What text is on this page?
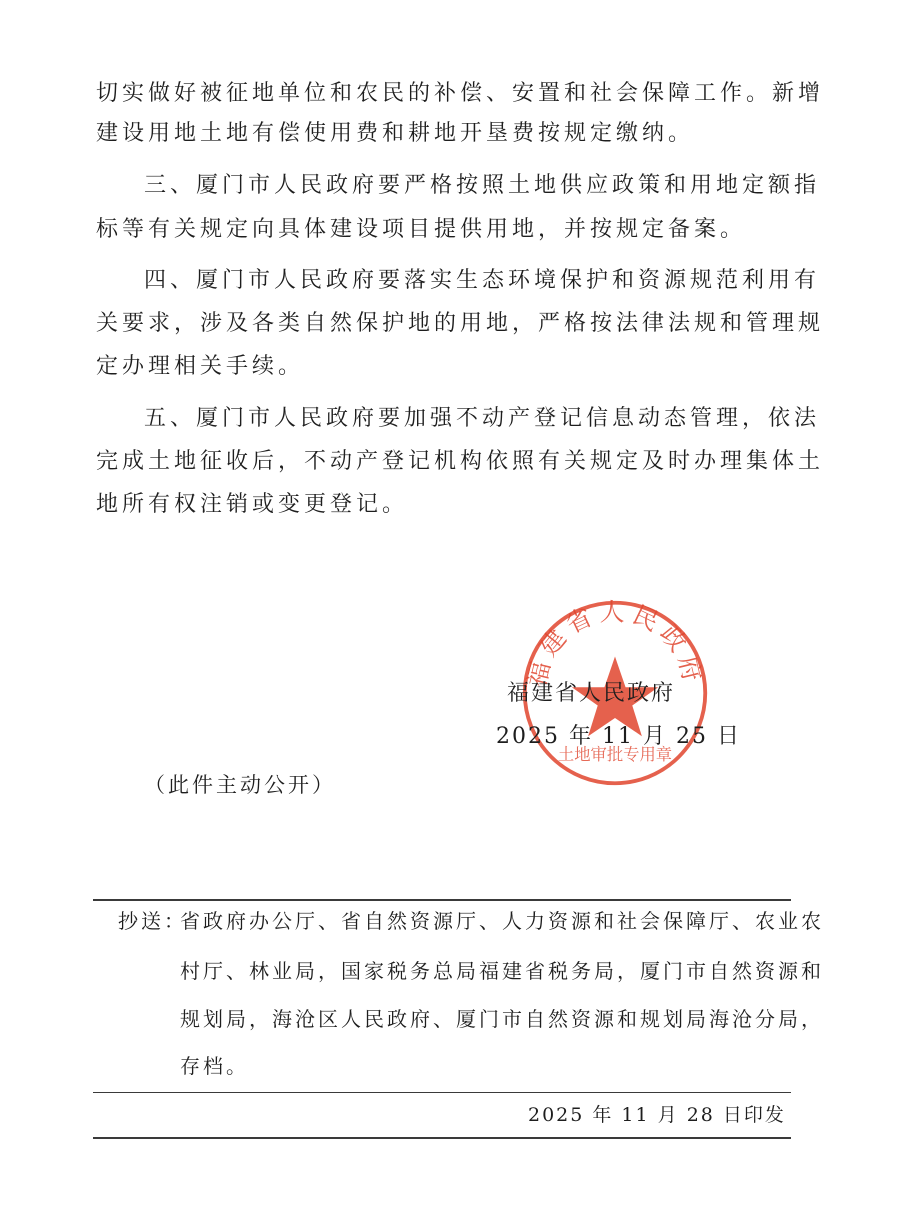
切实做好被征地单位和农民的补偿、安置和社会保障工作。新增
建设用地土地有偿使用费和耕地开垦费按规定缴纳。
三、厦门市人民政府要严格按照土地供应政策和用地定额指
标等有关规定向具体建设项目提供用地，并按规定备案。
四、厦门市人民政府要落实生态环境保护和资源规范利用有
关要求，涉及各类自然保护地的用地，严格按法律法规和管理规
定办理相关手续。
五、厦门市人民政府要加强不动产登记信息动态管理，依法
完成土地征收后，不动产登记机构依照有关规定及时办理集体土
地所有权注销或变更登记。
福建省人民政府
土地审批专用章
福建省人民政府
2025 年 11 月 25 日
（此件主动公开）
抄送：
省政府办公厅、省自然资源厅、人力资源和社会保障厅、农业农
村厅、林业局，国家税务总局福建省税务局，厦门市自然资源和
规划局，海沧区人民政府、厦门市自然资源和规划局海沧分局，
存档。
2025 年 11 月 28 日印发
